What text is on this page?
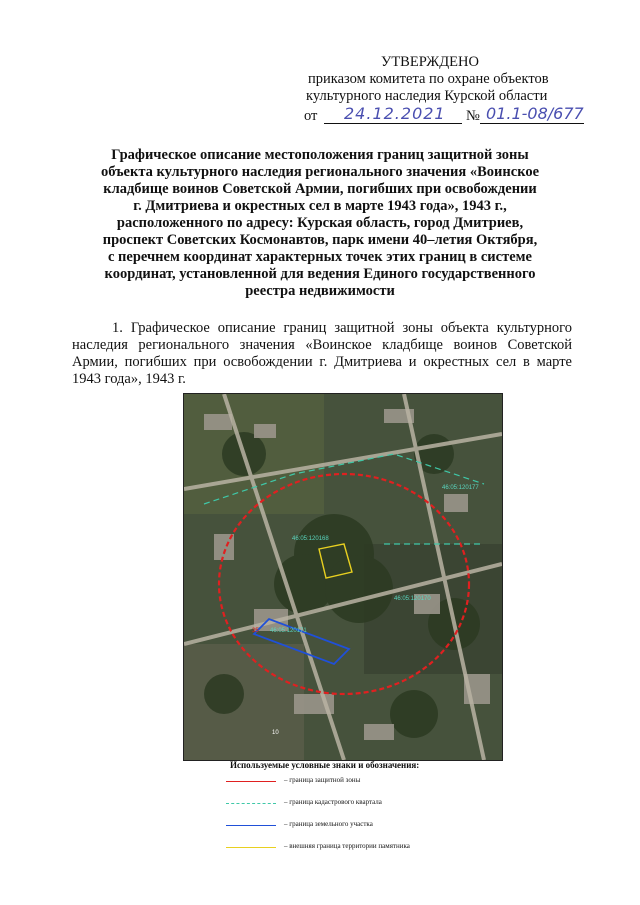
УТВЕРЖДЕНО
приказом комитета по охране объектов
культурного наследия Курской области
от 24.12.2021 № 01.1-08/677
Графическое описание местоположения границ защитной зоны
объекта культурного наследия регионального значения «Воинское
кладбище воинов Советской Армии, погибших при освобождении
г. Дмитриева и окрестных сел в марте 1943 года», 1943 г.,
расположенного по адресу: Курская область, город Дмитриев,
проспект Советских Космонавтов, парк имени 40–летия Октября,
с перечнем координат характерных точек этих границ в системе
координат, установленной для ведения Единого государственного
реестра недвижимости
1. Графическое описание границ защитной зоны объекта культурного наследия регионального значения «Воинское кладбище воинов Советской Армии, погибших при освобождении г. Дмитриева и окрестных сел в марте 1943 года», 1943 г.
46:05:120177
46:05:120168
46:05:120170
46:05:120171
35
10
Используемые условные знаки и обозначения:
– граница защитной зоны
– граница кадастрового квартала
– граница земельного участка
– внешняя граница территории памятника
